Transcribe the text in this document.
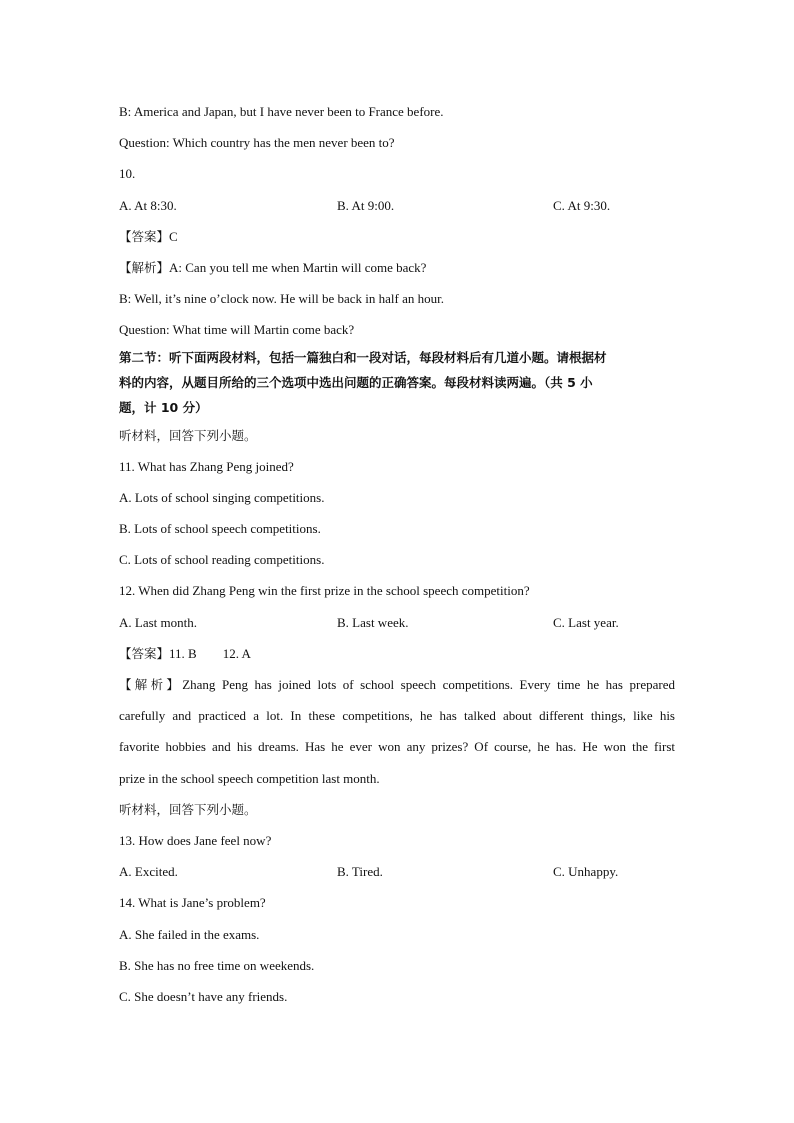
B: America and Japan, but I have never been to France before.
Question: Which country has the men never been to?
10.
A. At 8:30.	B. At 9:00.	C. At 9:30.
【答案】C
【解析】A: Can you tell me when Martin will come back?
B: Well, it’s nine o’clock now. He will be back in half an hour.
Question: What time will Martin come back?
第二节：听下面两段材料，包括一篇独白和一段对话，每段材料后有几道小题。请根据材
料的内容，从题目所给的三个选项中选出问题的正确答案。每段材料读两遍。（共 5 小
题，计 10 分）
听材料，回答下列小题。
11. What has Zhang Peng joined?
A. Lots of school singing competitions.
B. Lots of school speech competitions.
C. Lots of school reading competitions.
12. When did Zhang Peng win the first prize in the school speech competition?
A. Last month.	B. Last week.	C. Last year.
【答案】11. B        12. A
【解析】Zhang Peng has joined lots of school speech competitions. Every time he has prepared
carefully and practiced a lot. In these competitions, he has talked about different things, like his
favorite hobbies and his dreams. Has he ever won any prizes? Of course, he has. He won the first
prize in the school speech competition last month.
听材料，回答下列小题。
13. How does Jane feel now?
A. Excited.	B. Tired.	C. Unhappy.
14. What is Jane’s problem?
A. She failed in the exams.
B. She has no free time on weekends.
C. She doesn’t have any friends.
